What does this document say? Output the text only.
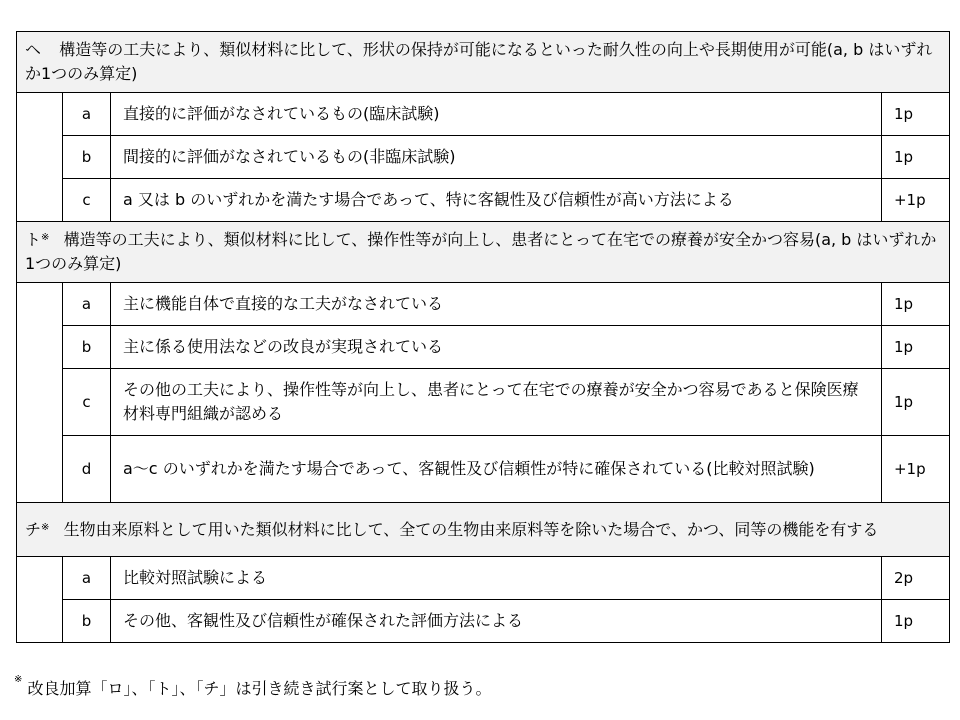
ヘ 構造等の工夫により、類似材料に比して、形状の保持が可能になるといった耐久性の向上や長期使用が可能(a, b はいずれか1つのみ算定)			
	a	直接的に評価がなされているもの(臨床試験)	1p
	b	間接的に評価がなされているもの(非臨床試験)	1p
	c	a 又は b のいずれかを満たす場合であって、特に客観性及び信頼性が高い方法による	+1p
ト※ 構造等の工夫により、類似材料に比して、操作性等が向上し、患者にとって在宅での療養が安全かつ容易(a, b はいずれか1つのみ算定)			
	a	主に機能自体で直接的な工夫がなされている	1p
	b	主に係る使用法などの改良が実現されている	1p
	c	その他の工夫により、操作性等が向上し、患者にとって在宅での療養が安全かつ容易であると保険医療材料専門組織が認める	1p
	d	a～c のいずれかを満たす場合であって、客観性及び信頼性が特に確保されている(比較対照試験)	+1p
チ※ 生物由来原料として用いた類似材料に比して、全ての生物由来原料等を除いた場合で、かつ、同等の機能を有する			
	a	比較対照試験による	2p
	b	その他、客観性及び信頼性が確保された評価方法による	1p
※ 改良加算「ロ」、「ト」、「チ」は引き続き試行案として取り扱う。
